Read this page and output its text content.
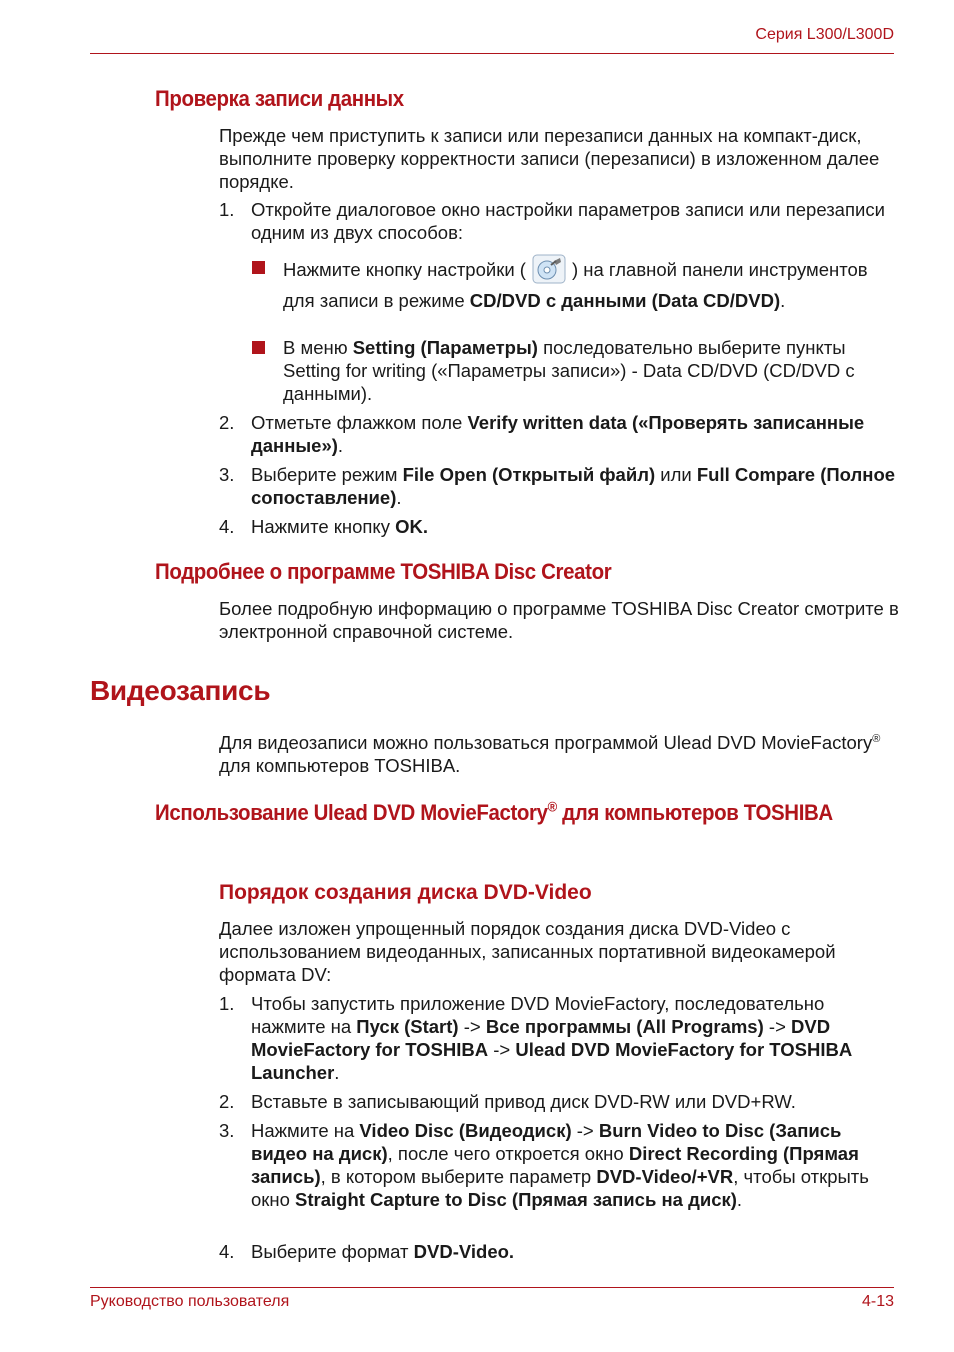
Серия L300/L300D
Проверка записи данных
Прежде чем приступить к записи или перезаписи данных на компакт-диск, выполните проверку корректности записи (перезаписи) в изложенном далее порядке.
1. Откройте диалоговое окно настройки параметров записи или перезаписи одним из двух способов:
Нажмите кнопку настройки ( ) на главной панели инструментов для записи в режиме CD/DVD с данными (Data CD/DVD).
В меню Setting (Параметры) последовательно выберите пункты Setting for writing («Параметры записи») - Data CD/DVD (CD/DVD с данными).
2. Отметьте флажком поле Verify written data («Проверять записанные данные»).
3. Выберите режим File Open (Открытый файл) или Full Compare (Полное сопоставление).
4. Нажмите кнопку OK.
Подробнее о программе TOSHIBA Disc Creator
Более подробную информацию о программе TOSHIBA Disc Creator смотрите в электронной справочной системе.
Видеозапись
Для видеозаписи можно пользоваться программой Ulead DVD MovieFactory® для компьютеров TOSHIBA.
Использование Ulead DVD MovieFactory® для компьютеров TOSHIBA
Порядок создания диска DVD-Video
Далее изложен упрощенный порядок создания диска DVD-Video с использованием видеоданных, записанных портативной видеокамерой формата DV:
1. Чтобы запустить приложение DVD MovieFactory, последовательно нажмите на Пуск (Start) -> Все программы (All Programs) -> DVD MovieFactory for TOSHIBA -> Ulead DVD MovieFactory for TOSHIBA Launcher.
2. Вставьте в записывающий привод диск DVD-RW или DVD+RW.
3. Нажмите на Video Disc (Видеодиск) -> Burn Video to Disc (Запись видео на диск), после чего откроется окно Direct Recording (Прямая запись), в котором выберите параметр DVD-Video/+VR, чтобы открыть окно Straight Capture to Disc (Прямая запись на диск).
4. Выберите формат DVD-Video.
Руководство пользователя	4-13
